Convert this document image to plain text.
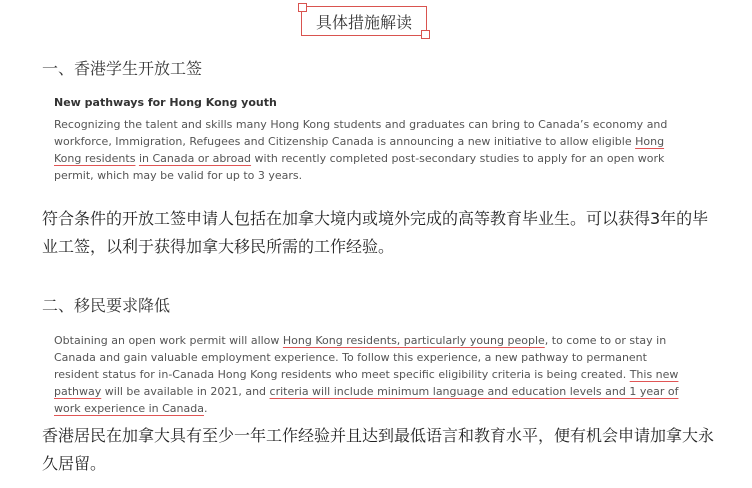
具体措施解读
一、香港学生开放工签
New pathways for Hong Kong youth
Recognizing the talent and skills many Hong Kong students and graduates can bring to Canada’s economy and workforce, Immigration, Refugees and Citizenship Canada is announcing a new initiative to allow eligible Hong Kong residents in Canada or abroad with recently completed post-secondary studies to apply for an open work permit, which may be valid for up to 3 years.
符合条件的开放工签申请人包括在加拿大境内或境外完成的高等教育毕业生。可以获得3年的毕业工签，以利于获得加拿大移民所需的工作经验。
二、移民要求降低
Obtaining an open work permit will allow Hong Kong residents, particularly young people, to come to or stay in Canada and gain valuable employment experience. To follow this experience, a new pathway to permanent resident status for in-Canada Hong Kong residents who meet specific eligibility criteria is being created. This new pathway will be available in 2021, and criteria will include minimum language and education levels and 1 year of work experience in Canada.
香港居民在加拿大具有至少一年工作经验并且达到最低语言和教育水平，便有机会申请加拿大永久居留。
